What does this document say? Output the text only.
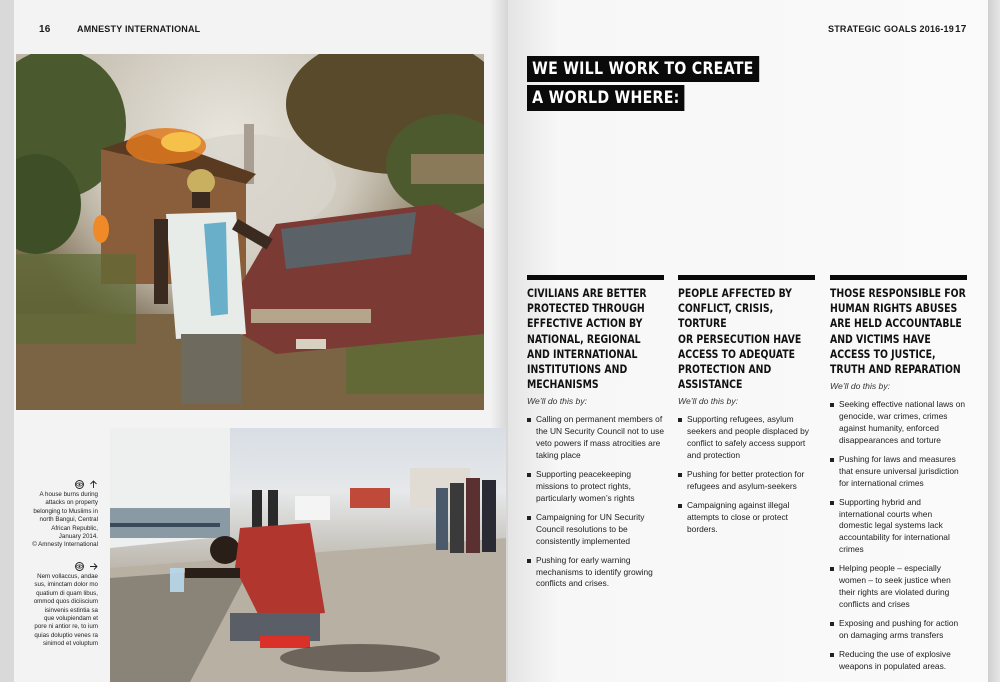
16	AMNESTY INTERNATIONAL
A house burns during
attacks on property
belonging to Muslims in
north Bangui, Central
African Republic,
January 2014.
© Amnesty International
Nem vollaccus, andae
sus, iminctam dolor mo
quatium di quam libus,
ommod quos diciiscium
isinvenis estintia sa
que volupiendam et
pore ni antior re, to ium
quias doluptio venes ra
sinimod et voluptum
STRATEGIC GOALS 2016-19 17
WE WILL WORK TO CREATE
A WORLD WHERE:
CIVILIANS ARE BETTER
PROTECTED THROUGH
EFFECTIVE ACTION BY
NATIONAL, REGIONAL
AND INTERNATIONAL
INSTITUTIONS AND
MECHANISMS
We’ll do this by:
Calling on permanent members of the UN Security Council not to use veto powers if mass atrocities are taking place
Supporting peacekeeping missions to protect rights, particularly women’s rights
Campaigning for UN Security Council resolutions to be consistently implemented
Pushing for early warning mechanisms to identify growing conflicts and crises.
PEOPLE AFFECTED BY
CONFLICT, CRISIS, TORTURE
OR PERSECUTION HAVE
ACCESS TO ADEQUATE
PROTECTION AND ASSISTANCE
We’ll do this by:
Supporting refugees, asylum seekers and people displaced by conflict to safely access support and protection
Pushing for better protection for refugees and asylum-seekers
Campaigning against illegal attempts to close or protect borders.
THOSE RESPONSIBLE FOR
HUMAN RIGHTS ABUSES
ARE HELD ACCOUNTABLE
AND VICTIMS HAVE
ACCESS TO JUSTICE,
TRUTH AND REPARATION
We’ll do this by:
Seeking effective national laws on genocide, war crimes, crimes against humanity, enforced disappearances and torture
Pushing for laws and measures that ensure universal jurisdiction for international crimes
Supporting hybrid and international courts when domestic legal systems lack accountability for international crimes
Helping people – especially women – to seek justice when their rights are violated during conflicts and crises
Exposing and pushing for action on damaging arms transfers
Reducing the use of explosive weapons in populated areas.
